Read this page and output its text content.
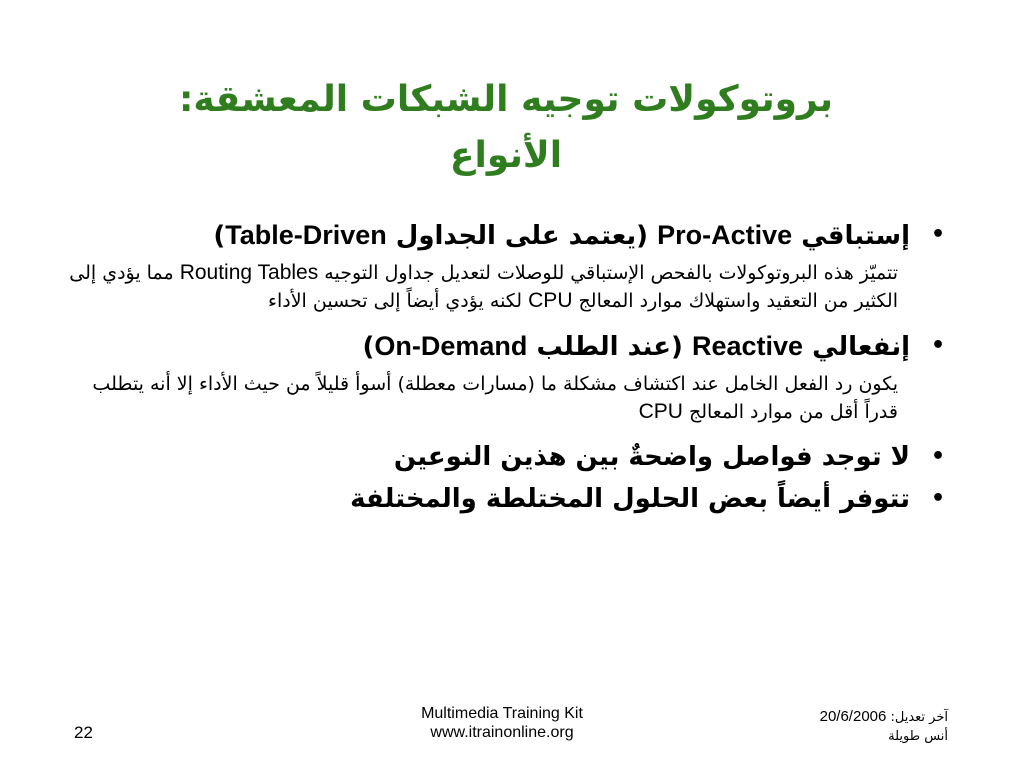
بروتوكولات توجيه الشبكات المعشقة:
الأنواع
•
إستباقي Pro-Active (يعتمد على الجداول Table-Driven)
تتميّز هذه البروتوكولات بالفحص الإستباقي للوصلات لتعديل جداول التوجيه Routing Tables مما يؤدي إلى الكثير من التعقيد واستهلاك موارد المعالج CPU لكنه يؤدي أيضاً إلى تحسين الأداء
•
إنفعالي Reactive (عند الطلب On-Demand)
يكون رد الفعل الخامل عند اكتشاف مشكلة ما (مسارات معطلة) أسوأ قليلاً من حيث الأداء إلا أنه يتطلب قدراً أقل من موارد المعالج CPU
•
لا توجد فواصل واضحةٌ بين هذين النوعين
•
تتوفر أيضاً بعض الحلول المختلطة والمختلفة
22
Multimedia Training Kit
www.itrainonline.org
آخر تعديل: 20/6/2006
أنس طويلة
